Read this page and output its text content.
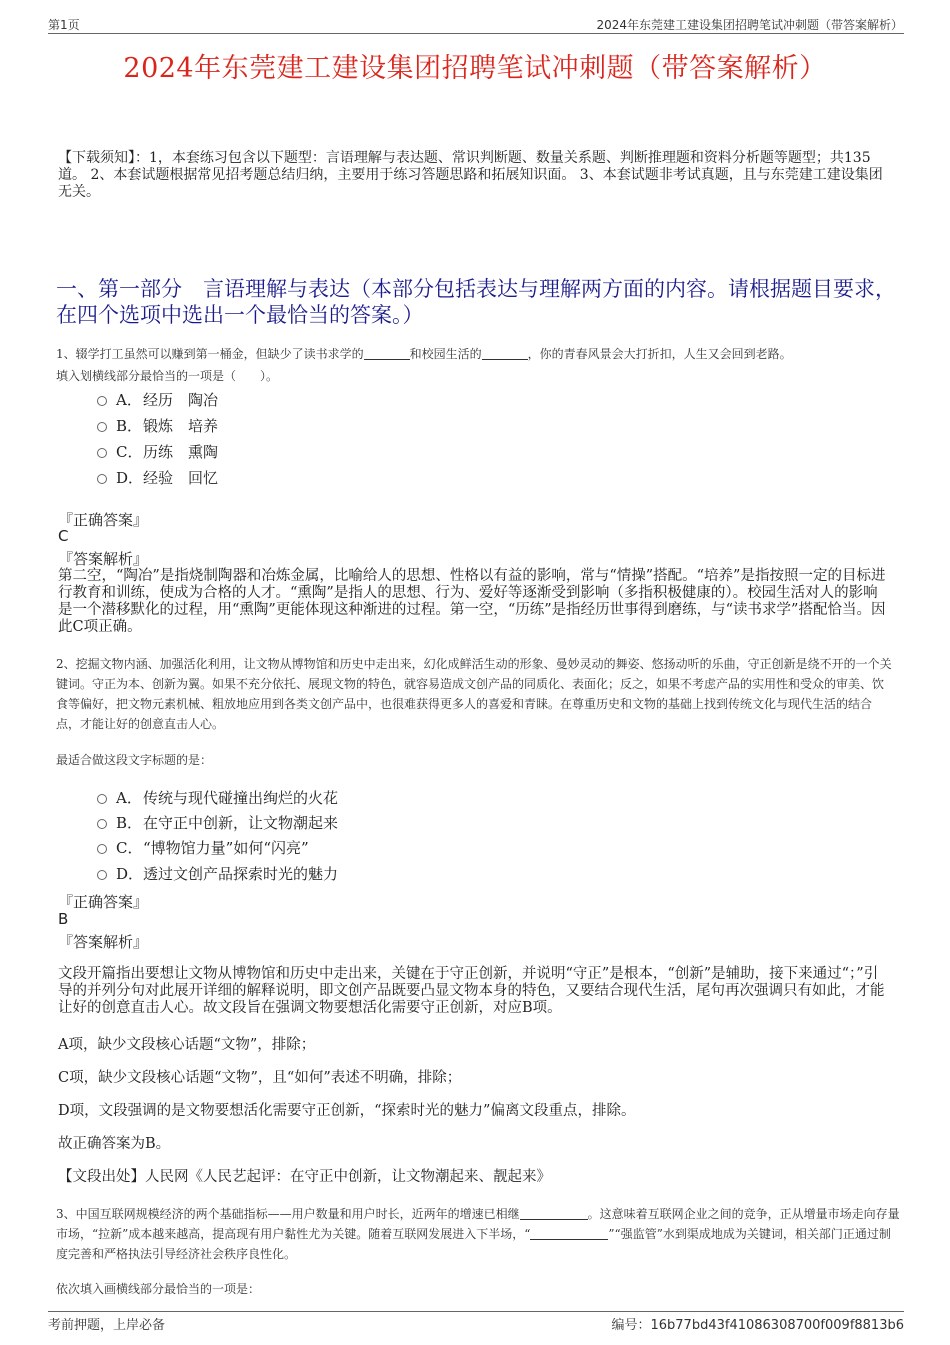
第1页	2024年东莞建工建设集团招聘笔试冲刺题（带答案解析）
2024年东莞建工建设集团招聘笔试冲刺题（带答案解析）
【下载须知】：1，本套练习包含以下题型：言语理解与表达题、常识判断题、数量关系题、判断推理题和资料分析题等题型；共135道。 2、本套试题根据常见招考题总结归纳，主要用于练习答题思路和拓展知识面。 3、本套试题非考试真题，且与东莞建工建设集团无关。
一、第一部分　言语理解与表达（本部分包括表达与理解两方面的内容。请根据题目要求，在四个选项中选出一个最恰当的答案。）
1、辍学打工虽然可以赚到第一桶金，但缺少了读书求学的	和校园生活的	，你的青春风景会大打折扣，人生又会回到老路。
填入划横线部分最恰当的一项是（　　）。
A．经历　陶冶
B．锻炼　培养
C．历练　熏陶
D．经验　回忆
『正确答案』
C
『答案解析』
第二空，“陶冶”是指烧制陶器和冶炼金属，比喻给人的思想、性格以有益的影响，常与“情操”搭配。“培养”是指按照一定的目标进行教育和训练，使成为合格的人才。“熏陶”是指人的思想、行为、爱好等逐渐受到影响（多指积极健康的）。校园生活对人的影响是一个潜移默化的过程，用“熏陶”更能体现这种渐进的过程。第一空，“历练”是指经历世事得到磨练，与“读书求学”搭配恰当。因此C项正确。
2、挖掘文物内涵、加强活化利用，让文物从博物馆和历史中走出来，幻化成鲜活生动的形象、曼妙灵动的舞姿、悠扬动听的乐曲，守正创新是绕不开的一个关键词。守正为本、创新为翼。如果不充分依托、展现文物的特色，就容易造成文创产品的同质化、表面化；反之，如果不考虑产品的实用性和受众的审美、饮食等偏好，把文物元素机械、粗放地应用到各类文创产品中，也很难获得更多人的喜爱和青睐。在尊重历史和文物的基础上找到传统文化与现代生活的结合点，才能让好的创意直击人心。
最适合做这段文字标题的是：
A．传统与现代碰撞出绚烂的火花
B．在守正中创新，让文物潮起来
C．“博物馆力量”如何“闪亮”
D．透过文创产品探索时光的魅力
『正确答案』
B
『答案解析』
文段开篇指出要想让文物从博物馆和历史中走出来，关键在于守正创新，并说明“守正”是根本，“创新”是辅助，接下来通过“；”引导的并列分句对此展开详细的解释说明，即文创产品既要凸显文物本身的特色，又要结合现代生活，尾句再次强调只有如此，才能让好的创意直击人心。故文段旨在强调文物要想活化需要守正创新，对应B项。
A项，缺少文段核心话题“文物”，排除；
C项，缺少文段核心话题“文物”，且“如何”表述不明确，排除；
D项，文段强调的是文物要想活化需要守正创新，“探索时光的魅力”偏离文段重点，排除。
故正确答案为B。
【文段出处】人民网《人民艺起评：在守正中创新，让文物潮起来、靓起来》
3、中国互联网规模经济的两个基础指标——用户数量和用户时长，近两年的增速已相继	。这意味着互联网企业之间的竞争，正从增量市场走向存量市场，“拉新”成本越来越高，提高现有用户黏性尤为关键。随着互联网发展进入下半场，“	”“强监管”水到渠成地成为关键词，相关部门正通过制度完善和严格执法引导经济社会秩序良性化。
依次填入画横线部分最恰当的一项是：
考前押题，上岸必备	编号：16b77bd43f41086308700f009f8813b6
